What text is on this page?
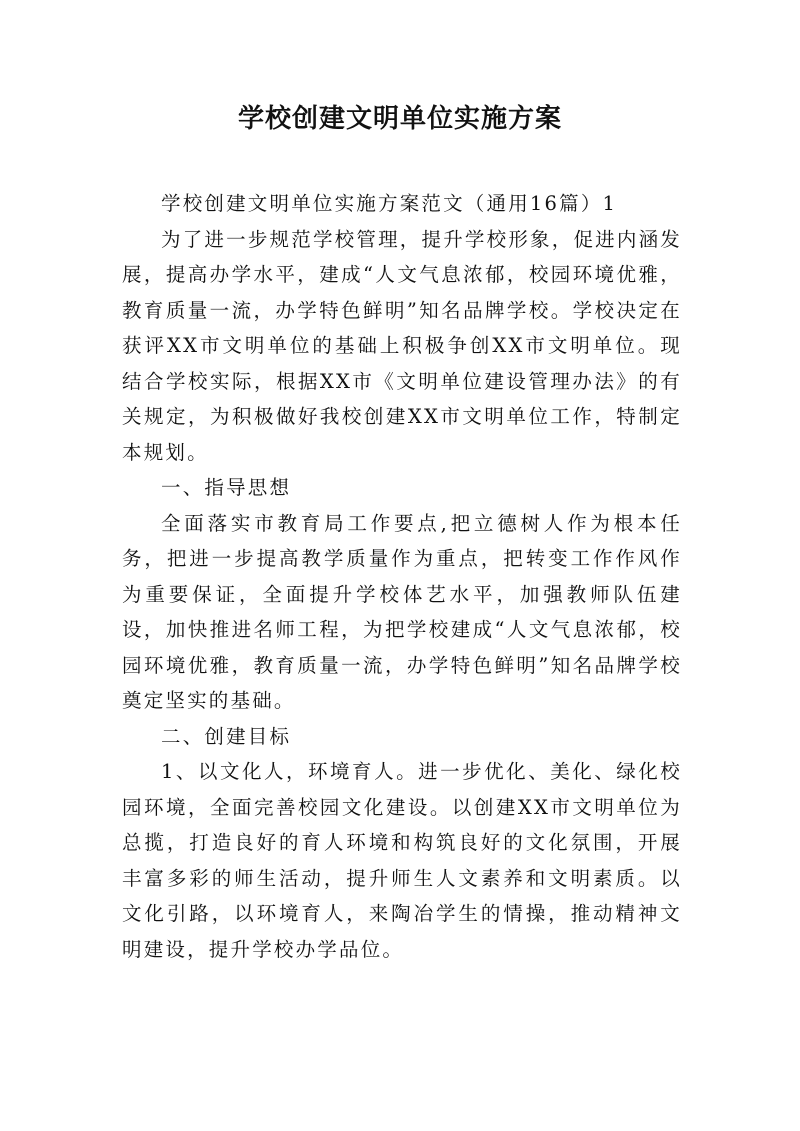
学校创建文明单位实施方案

学校创建文明单位实施方案范文（通用16篇）1

为了进一步规范学校管理，提升学校形象，促进内涵发展，提高办学水平，建成“人文气息浓郁，校园环境优雅，教育质量一流，办学特色鲜明”知名品牌学校。学校决定在获评XX市文明单位的基础上积极争创XX市文明单位。现结合学校实际，根据XX市《文明单位建设管理办法》的有关规定，为积极做好我校创建XX市文明单位工作，特制定本规划。

一、指导思想

全面落实市教育局工作要点,把立德树人作为根本任务，把进一步提高教学质量作为重点，把转变工作作风作为重要保证，全面提升学校体艺水平，加强教师队伍建设，加快推进名师工程，为把学校建成“人文气息浓郁，校园环境优雅，教育质量一流，办学特色鲜明”知名品牌学校奠定坚实的基础。

二、创建目标

1、以文化人，环境育人。进一步优化、美化、绿化校园环境，全面完善校园文化建设。以创建XX市文明单位为总揽，打造良好的育人环境和构筑良好的文化氛围，开展丰富多彩的师生活动，提升师生人文素养和文明素质。以文化引路，以环境育人，来陶冶学生的情操，推动精神文明建设，提升学校办学品位。
